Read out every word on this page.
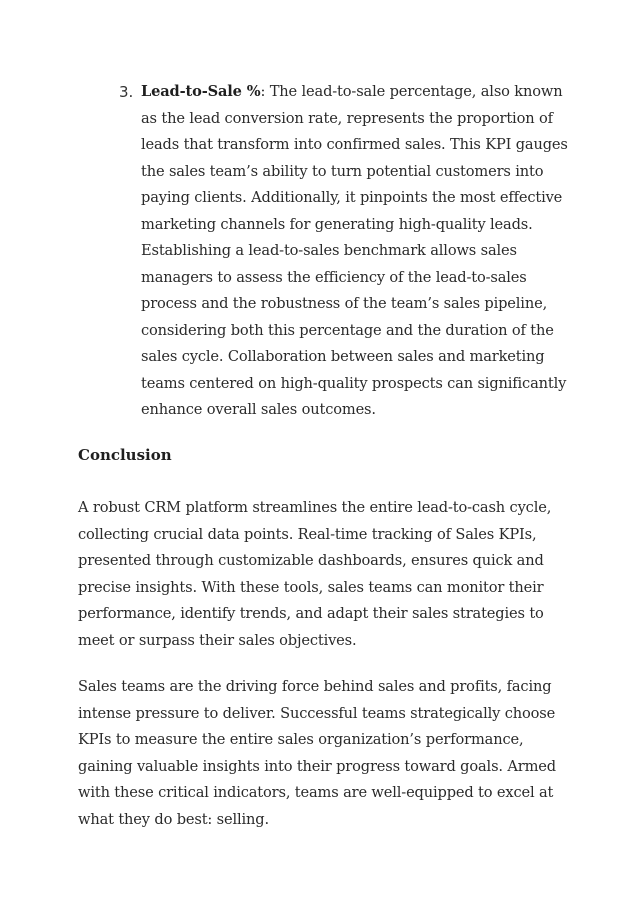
3. Lead-to-Sale %: The lead-to-sale percentage, also known as the lead conversion rate, represents the proportion of leads that transform into confirmed sales. This KPI gauges the sales team’s ability to turn potential customers into paying clients. Additionally, it pinpoints the most effective marketing channels for generating high-quality leads. Establishing a lead-to-sales benchmark allows sales managers to assess the efficiency of the lead-to-sales process and the robustness of the team’s sales pipeline, considering both this percentage and the duration of the sales cycle. Collaboration between sales and marketing teams centered on high-quality prospects can significantly enhance overall sales outcomes.
Conclusion

A robust CRM platform streamlines the entire lead-to-cash cycle, collecting crucial data points. Real-time tracking of Sales KPIs, presented through customizable dashboards, ensures quick and precise insights. With these tools, sales teams can monitor their performance, identify trends, and adapt their sales strategies to meet or surpass their sales objectives.

Sales teams are the driving force behind sales and profits, facing intense pressure to deliver. Successful teams strategically choose KPIs to measure the entire sales organization’s performance, gaining valuable insights into their progress toward goals. Armed with these critical indicators, teams are well-equipped to excel at what they do best: selling.
